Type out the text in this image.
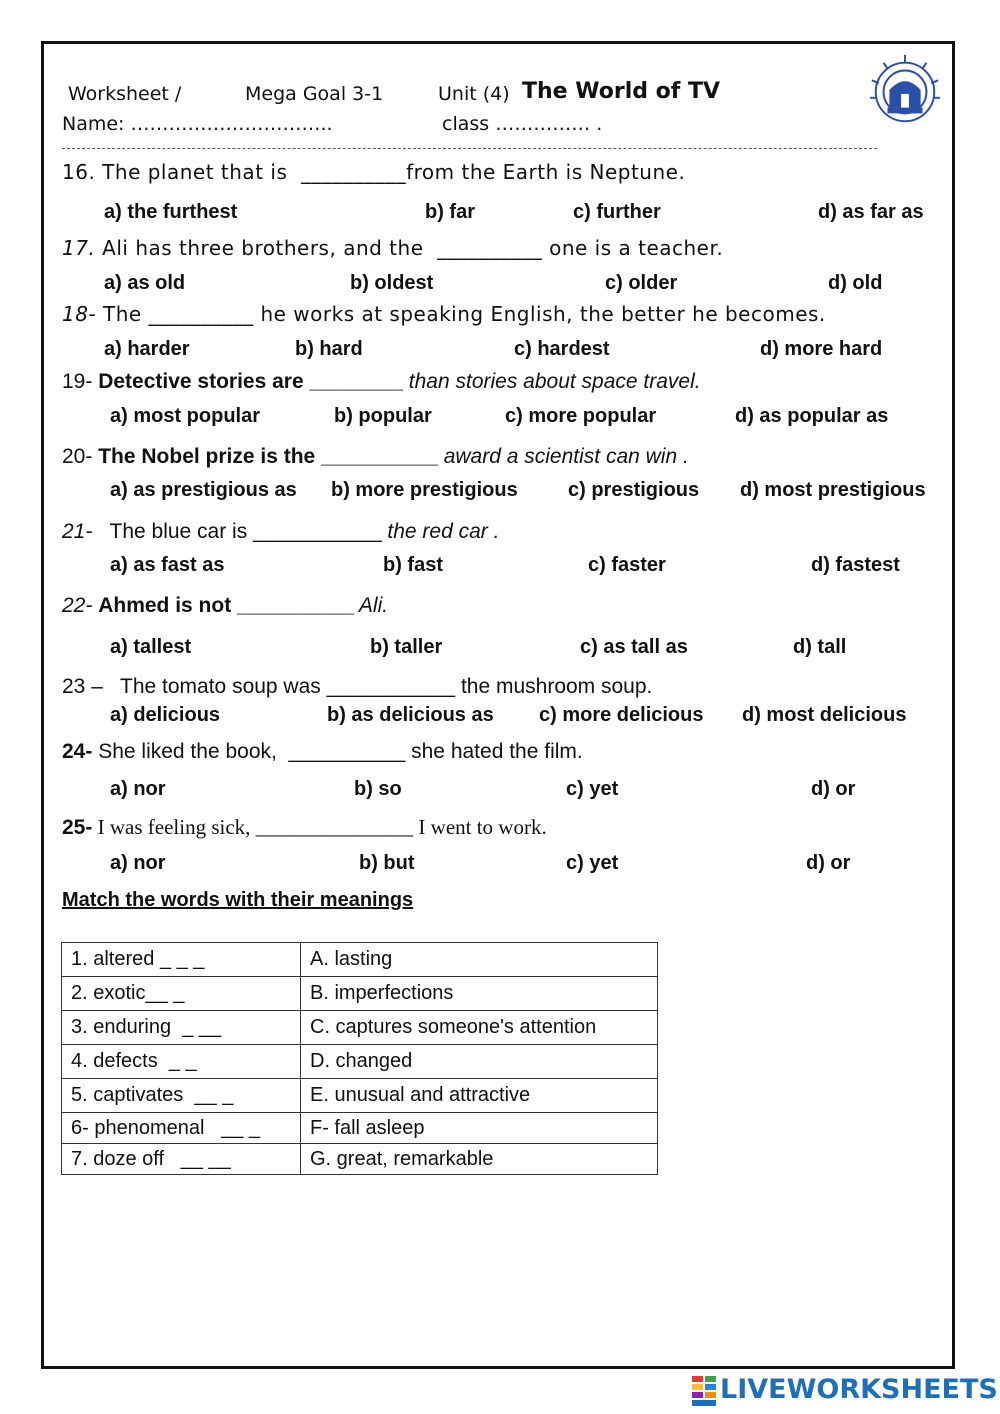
Worksheet /	Mega Goal 3-1	Unit (4) The World of TV
Name: …………………………..	class …………… .
16. The planet that is  __________from the Earth is Neptune.
a) the furthest	b) far	c) further	d) as far as
17. Ali has three brothers, and the  __________ one is a teacher.
a) as old	b) oldest	c) older	d) old
18- The __________ he works at speaking English, the better he becomes.
a) harder	b) hard	c) hardest	d) more hard
19- Detective stories are ________ than stories about space travel.
a) most popular	b) popular	c) more popular	d) as popular as
20- The Nobel prize is the __________ award a scientist can win .
a) as prestigious as b) more prestigious	c) prestigious d) most prestigious
21-   The blue car is ___________ the red car .
a) as fast as	b) fast	c) faster	d) fastest
22- Ahmed is not __________ Ali.
a) tallest	b) taller	c) as tall as	d) tall
23 –   The tomato soup was ___________ the mushroom soup.
a) delicious	b) as delicious as c) more delicious d) most delicious
24- She liked the book,  __________ she hated the film.
a) nor	b) so	c) yet	d) or
25- I was feeling sick, _______________ I went to work.
a) nor	b) but	c) yet	d) or
Match the words with their meanings
1. altered _ _ _	A. lasting
2. exotic__ _	B. imperfections
3. enduring  _ __	C. captures someone's attention
4. defects  _ _	D. changed
5. captivates  __ _	E. unusual and attractive
6- phenomenal   __ _	F- fall asleep
7. doze off   __ __	G. great, remarkable
LIVEWORKSHEETS
